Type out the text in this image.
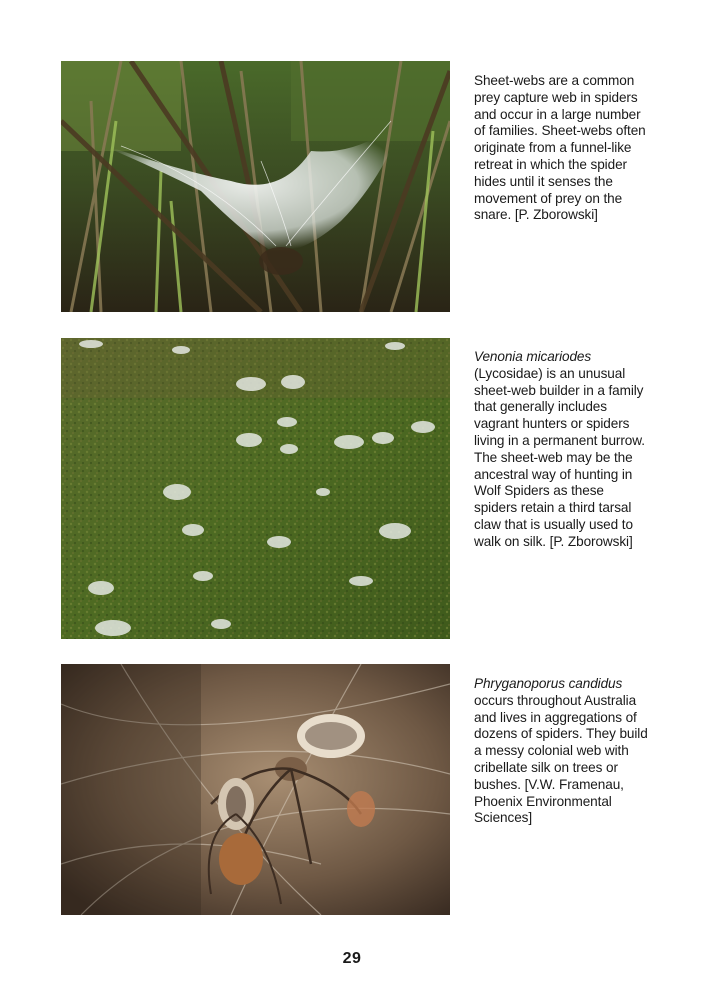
Sheet-webs are a common prey capture web in spiders and occur in a large number of families. Sheet-webs often originate from a funnel-like retreat in which the spider hides until it senses the movement of prey on the snare. [P. Zborowski]

Venonia micariodes (Lycosidae) is an unusual sheet-web builder in a family that generally includes vagrant hunters or spiders living in a permanent burrow. The sheet-web may be the ancestral way of hunting in Wolf Spiders as these spiders retain a third tarsal claw that is usually used to walk on silk. [P. Zborowski]

Phryganoporus candidus occurs throughout Australia and lives in aggregations of dozens of spiders. They build a messy colonial web with cribellate silk on trees or bushes. [V.W. Framenau, Phoenix Environmental Sciences]

29
